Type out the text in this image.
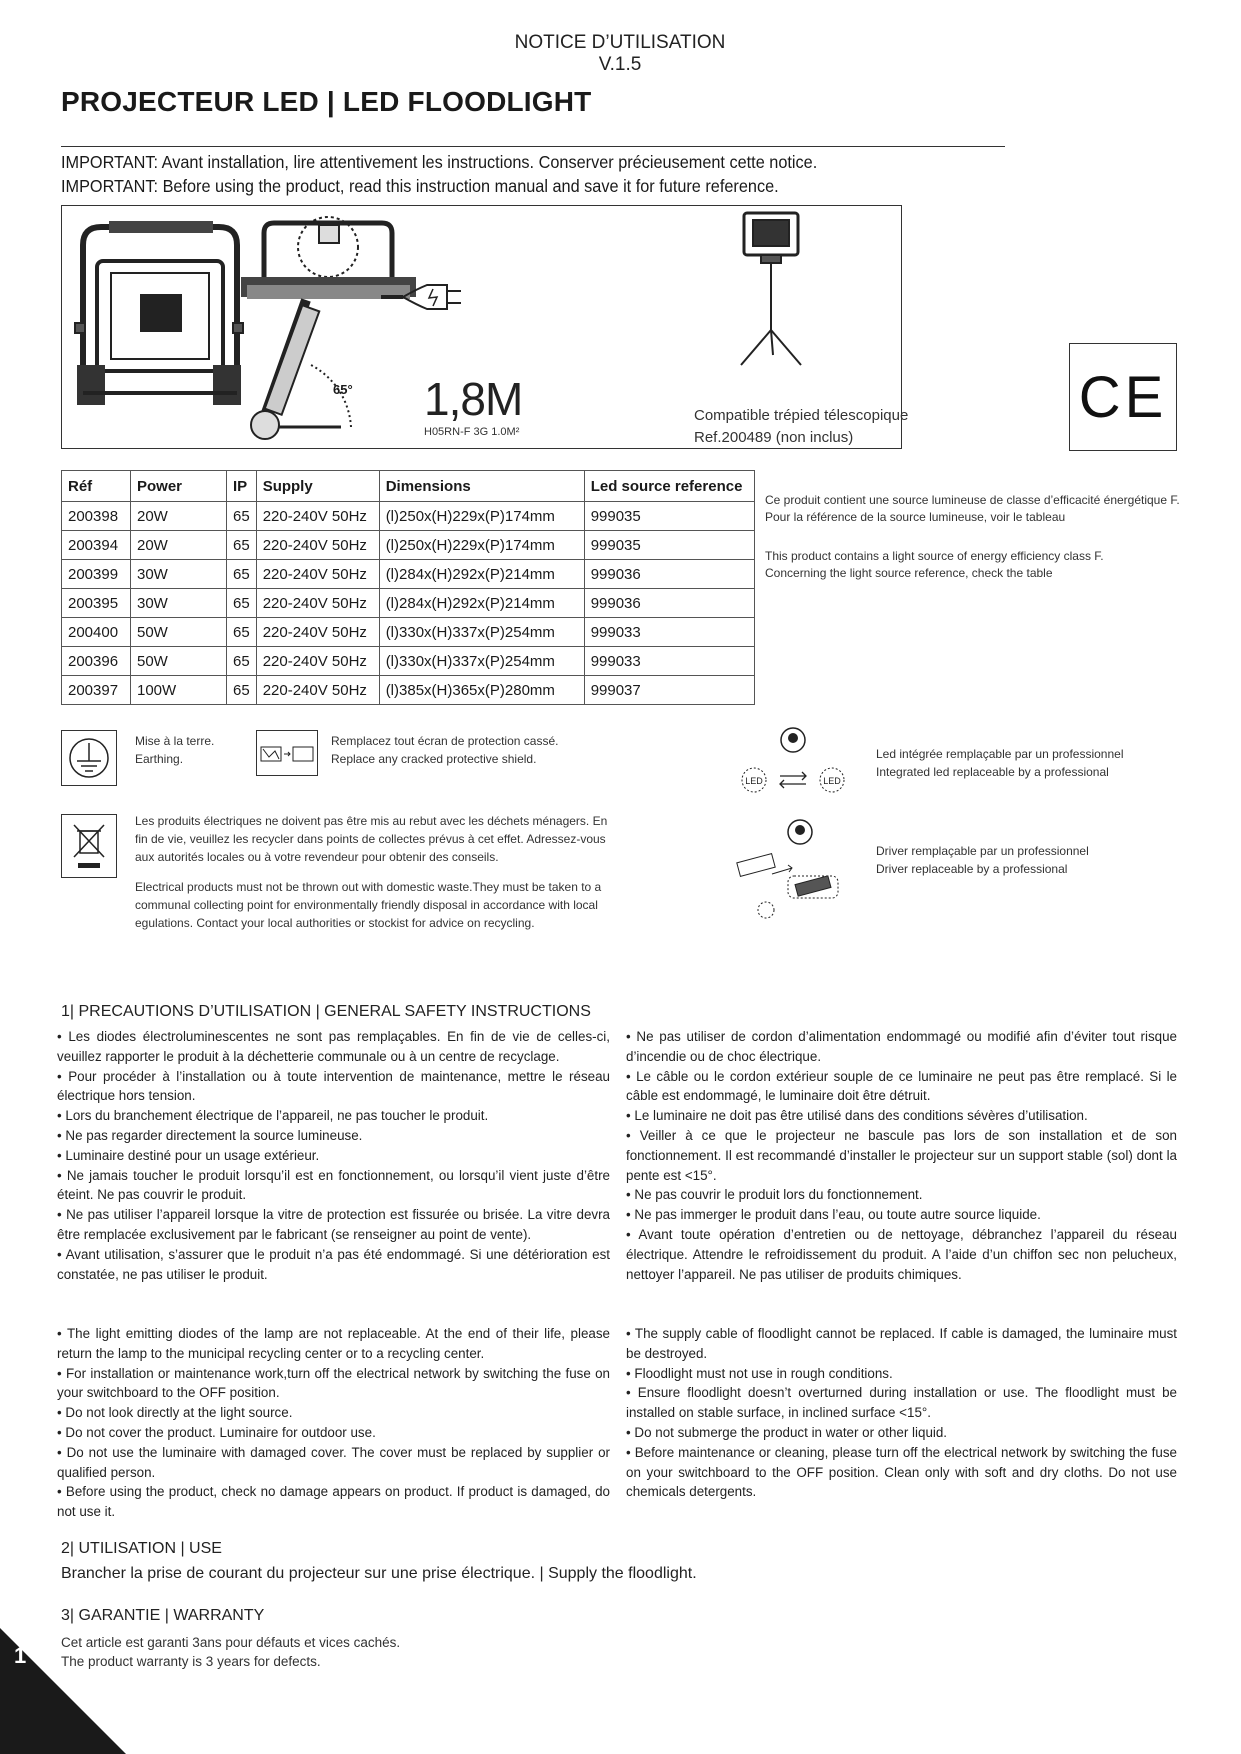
NOTICE D’UTILISATION
V.1.5
PROJECTEUR LED | LED FLOODLIGHT
IMPORTANT: Avant installation, lire attentivement les instructions. Conserver précieusement cette notice.
IMPORTANT: Before using the product, read this instruction manual and save it for future reference.
65° 1,8M
H05RN-F 3G 1.0M²
Compatible trépied télescopique
Ref.200489 (non inclus)
CE
Réf	Power	IP	Supply	Dimensions	Led source reference
200398	20W	65	220-240V 50Hz	(l)250x(H)229x(P)174mm	999035
200394	20W	65	220-240V 50Hz	(l)250x(H)229x(P)174mm	999035
200399	30W	65	220-240V 50Hz	(l)284x(H)292x(P)214mm	999036
200395	30W	65	220-240V 50Hz	(l)284x(H)292x(P)214mm	999036
200400	50W	65	220-240V 50Hz	(l)330x(H)337x(P)254mm	999033
200396	50W	65	220-240V 50Hz	(l)330x(H)337x(P)254mm	999033
200397	100W	65	220-240V 50Hz	(l)385x(H)365x(P)280mm	999037
Ce produit contient une source lumineuse de classe d’efficacité énergétique F.
Pour la référence de la source lumineuse, voir le tableau
This product contains a light source of energy efficiency class F.
Concerning the light source reference, check the table
Mise à la terre.
Earthing.
Remplacez tout écran de protection cassé.
Replace any cracked protective shield.
Les produits électriques ne doivent pas être mis au rebut avec les déchets ménagers. En fin de vie, veuillez les recycler dans points de collectes prévus à cet effet. Adressez-vous aux autorités locales ou à votre revendeur pour obtenir des conseils.
Electrical products must not be thrown out with domestic waste.They must be taken to a communal collecting point for environmentally friendly disposal in accordance with local egulations. Contact your local authorities or stockist for advice on recycling.
LED	LED
Led intégrée remplaçable par un professionnel
Integrated led replaceable by a professional
Driver remplaçable par un professionnel
Driver replaceable by a professional
1| PRECAUTIONS D’UTILISATION | GENERAL SAFETY INSTRUCTIONS

• Les diodes électroluminescentes ne sont pas remplaçables. En fin de vie de celles-ci, veuillez rapporter le produit à la déchetterie communale ou à un centre de recyclage.

• Pour procéder à l’installation ou à toute intervention de maintenance, mettre le réseau électrique hors tension.

• Lors du branchement électrique de l’appareil, ne pas toucher le produit.

• Ne pas regarder directement la source lumineuse.

• Luminaire destiné pour un usage extérieur.

• Ne jamais toucher le produit lorsqu’il est en fonctionnement, ou lorsqu’il vient juste d’être éteint. Ne pas couvrir le produit.

• Ne pas utiliser l’appareil lorsque la vitre de protection est fissurée ou brisée. La vitre devra être remplacée exclusivement par le fabricant (se renseigner au point de vente).

• Avant utilisation, s’assurer que le produit n’a pas été endommagé. Si une détérioration est constatée, ne pas utiliser le produit.

• Ne pas utiliser de cordon d’alimentation endommagé ou modifié afin d’éviter tout risque d’incendie ou de choc électrique.

• Le câble ou le cordon extérieur souple de ce luminaire ne peut pas être remplacé. Si le câble est endommagé, le luminaire doit être détruit.

• Le luminaire ne doit pas être utilisé dans des conditions sévères d’utilisation.

• Veiller à ce que le projecteur ne bascule pas lors de son installation et de son fonctionnement. Il est recommandé d’installer le projecteur sur un support stable (sol) dont la pente est <15°.

• Ne pas couvrir le produit lors du fonctionnement.

• Ne pas immerger le produit dans l’eau, ou toute autre source liquide.

• Avant toute opération d’entretien ou de nettoyage, débranchez l’appareil du réseau électrique. Attendre le refroidissement du produit. A l’aide d’un chiffon sec non pelucheux, nettoyer l’appareil. Ne pas utiliser de produits chimiques.

• The light emitting diodes of the lamp are not replaceable. At the end of their life, please return the lamp to the municipal recycling center or to a recycling center.

• For installation or maintenance work,turn off the electrical network by switching the fuse on your switchboard to the OFF position.

• Do not look directly at the light source.

• Do not cover the product. Luminaire for outdoor use.

• Do not use the luminaire with damaged cover. The cover must be replaced by supplier or qualified person.

• Before using the product, check no damage appears on product. If product is damaged, do not use it.

• The supply cable of floodlight cannot be replaced. If cable is damaged, the luminaire must be destroyed.

• Floodlight must not use in rough conditions.

• Ensure floodlight doesn’t overturned during installation or use. The floodlight must be installed on stable surface, in inclined surface <15°.

• Do not submerge the product in water or other liquid.

• Before maintenance or cleaning, please turn off the electrical network by switching the fuse on your switchboard to the OFF position. Clean only with soft and dry cloths. Do not use chemicals detergents.

2| UTILISATION | USE
Brancher la prise de courant du projecteur sur une prise électrique. | Supply the floodlight.
3| GARANTIE | WARRANTY
Cet article est garanti 3ans pour défauts et vices cachés.
The product warranty is 3 years for defects.
1
